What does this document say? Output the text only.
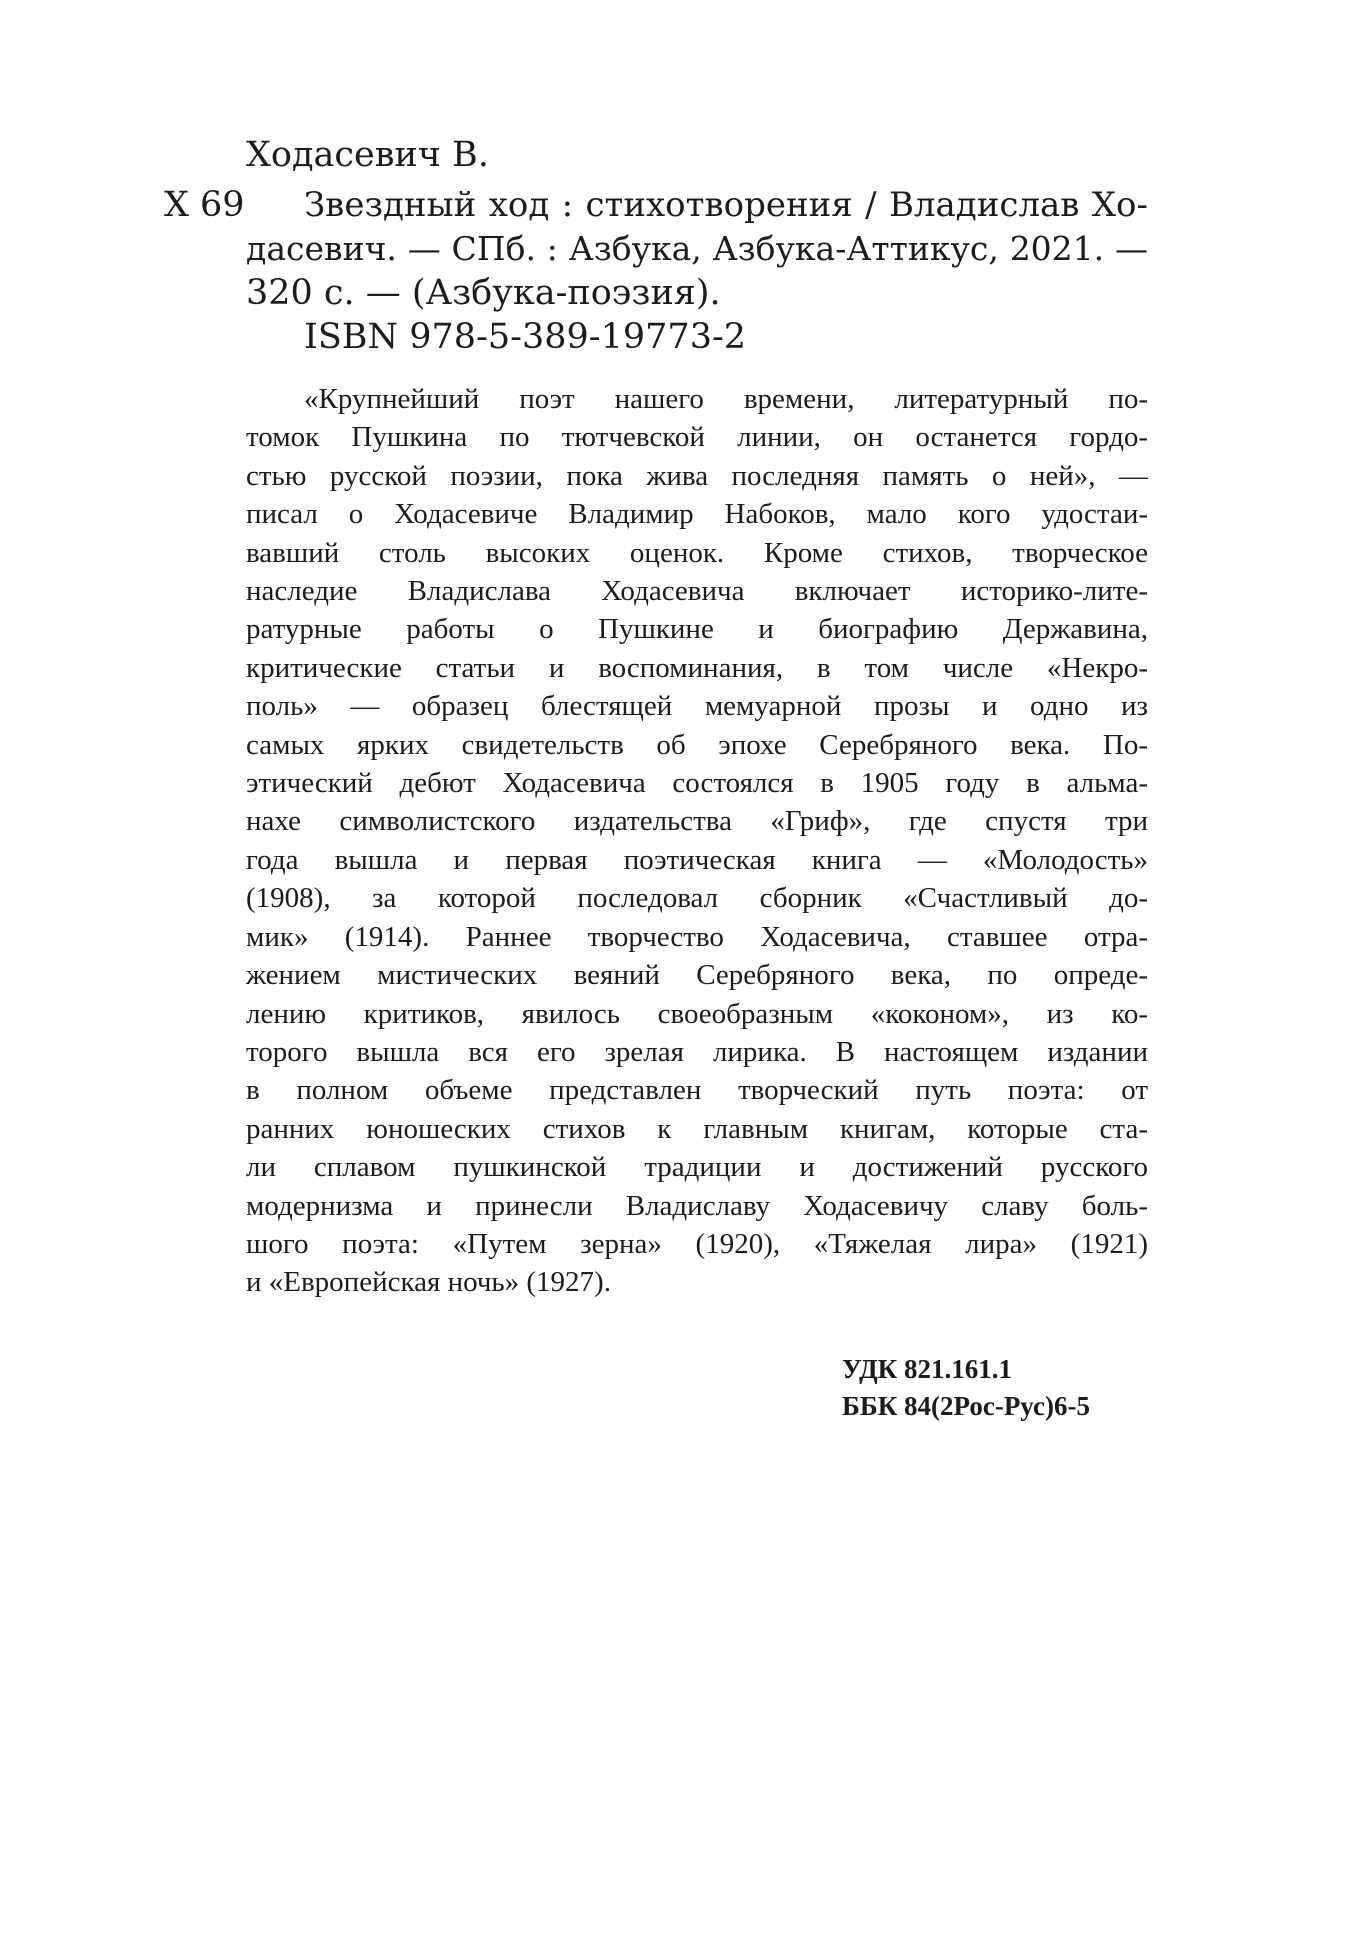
Ходасевич В.
Х 69	Звездный ход : стихотворения / Владислав Хо-
дасевич. — СПб. : Азбука, Азбука-Аттикус, 2021. —
320 с. — (Азбука-поэзия).
ISBN 978-5-389-19773-2
«Крупнейший поэт нашего времени, литературный по-
томок Пушкина по тютчевской линии, он останется гордо-
стью русской поэзии, пока жива последняя память о ней», —
писал о Ходасевиче Владимир Набоков, мало кого удостаи-
вавший столь высоких оценок. Кроме стихов, творческое
наследие Владислава Ходасевича включает историко-лите-
ратурные работы о Пушкине и биографию Державина,
критические статьи и воспоминания, в том числе «Некро-
поль» — образец блестящей мемуарной прозы и одно из
самых ярких свидетельств об эпохе Серебряного века. По-
этический дебют Ходасевича состоялся в 1905 году в альма-
нахе символистского издательства «Гриф», где спустя три
года вышла и первая поэтическая книга — «Молодость»
(1908), за которой последовал сборник «Счастливый до-
мик» (1914). Раннее творчество Ходасевича, ставшее отра-
жением мистических веяний Серебряного века, по опреде-
лению критиков, явилось своеобразным «коконом», из ко-
торого вышла вся его зрелая лирика. В настоящем издании
в полном объеме представлен творческий путь поэта: от
ранних юношеских стихов к главным книгам, которые ста-
ли сплавом пушкинской традиции и достижений русского
модернизма и принесли Владиславу Ходасевичу славу боль-
шого поэта: «Путем зерна» (1920), «Тяжелая лира» (1921)
и «Европейская ночь» (1927).
УДК 821.161.1
ББК 84(2Рос-Рус)6-5
